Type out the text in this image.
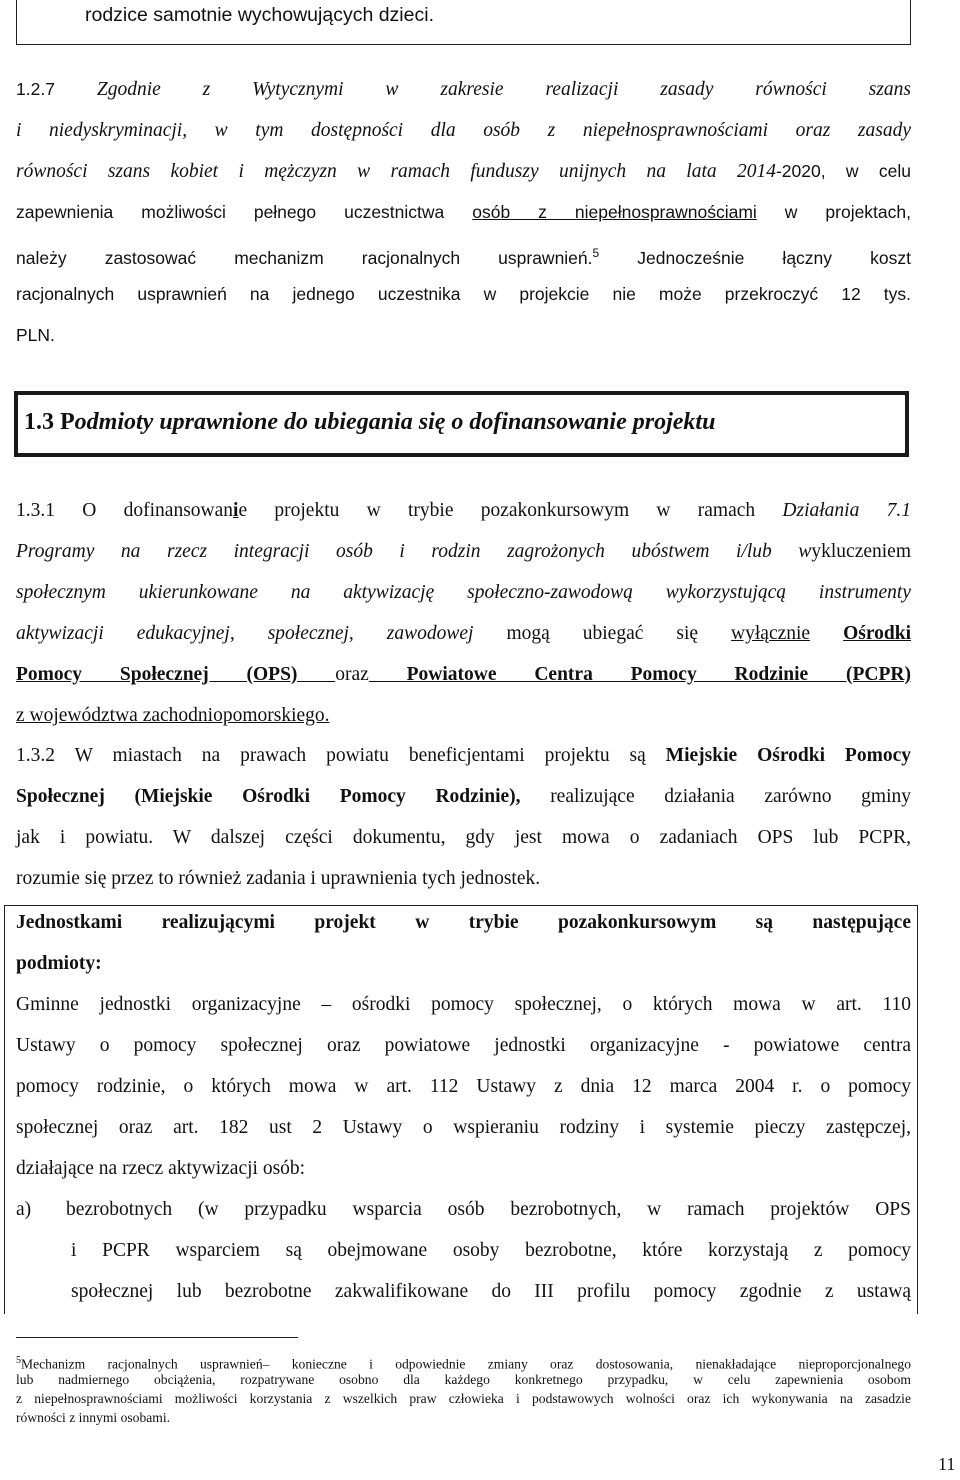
rodzice samotnie wychowujących dzieci.
1.2.7 Zgodnie z Wytycznymi w zakresie realizacji zasady równości szans
i niedyskryminacji, w tym dostępności dla osób z niepełnosprawnościami oraz zasady
równości szans kobiet i mężczyzn w ramach funduszy unijnych na lata 2014-2020, w celu
zapewnienia możliwości pełnego uczestnictwa osób z niepełnosprawnościami w projektach,
należy zastosować mechanizm racjonalnych usprawnień.$^5$ Jednocześnie łączny koszt
racjonalnych usprawnień na jednego uczestnika w projekcie nie może przekroczyć 12 tys.
PLN.
1.3 Podmioty uprawnione do ubiegania się o dofinansowanie projektu
1.3.1 O dofinansowanie projektu w trybie pozakonkursowym w ramach Działania 7.1
Programy na rzecz integracji osób i rodzin zagrożonych ubóstwem i/lub wykluczeniem
społecznym ukierunkowane na aktywizację społeczno-zawodową wykorzystującą instrumenty
aktywizacji edukacyjnej, społecznej, zawodowej mogą ubiegać się wyłącznie Ośrodki
Pomocy Społecznej (OPS) oraz Powiatowe Centra Pomocy Rodzinie (PCPR)
z województwa zachodniopomorskiego.
1.3.2 W miastach na prawach powiatu beneficjentami projektu są Miejskie Ośrodki Pomocy
Społecznej (Miejskie Ośrodki Pomocy Rodzinie), realizujące działania zarówno gminy
jak i powiatu. W dalszej części dokumentu, gdy jest mowa o zadaniach OPS lub PCPR,
rozumie się przez to również zadania i uprawnienia tych jednostek.
Jednostkami realizującymi projekt w trybie pozakonkursowym są następujące
podmioty:
Gminne jednostki organizacyjne – ośrodki pomocy społecznej, o których mowa w art. 110
Ustawy o pomocy społecznej oraz powiatowe jednostki organizacyjne - powiatowe centra
pomocy rodzinie, o których mowa w art. 112 Ustawy z dnia 12 marca 2004 r. o pomocy
społecznej oraz art. 182 ust 2 Ustawy o wspieraniu rodziny i systemie pieczy zastępczej,
działające na rzecz aktywizacji osób:
a) bezrobotnych (w przypadku wsparcia osób bezrobotnych, w ramach projektów OPS
i PCPR wsparciem są obejmowane osoby bezrobotne, które korzystają z pomocy
społecznej lub bezrobotne zakwalifikowane do III profilu pomocy zgodnie z ustawą
$^5$Mechanizm racjonalnych usprawnień– konieczne i odpowiednie zmiany oraz dostosowania, nienakładające nieproporcjonalnego
lub nadmiernego obciążenia, rozpatrywane osobno dla każdego konkretnego przypadku, w celu zapewnienia osobom
z niepełnosprawnościami możliwości korzystania z wszelkich praw człowieka i podstawowych wolności oraz ich wykonywania na zasadzie
równości z innymi osobami.
11
